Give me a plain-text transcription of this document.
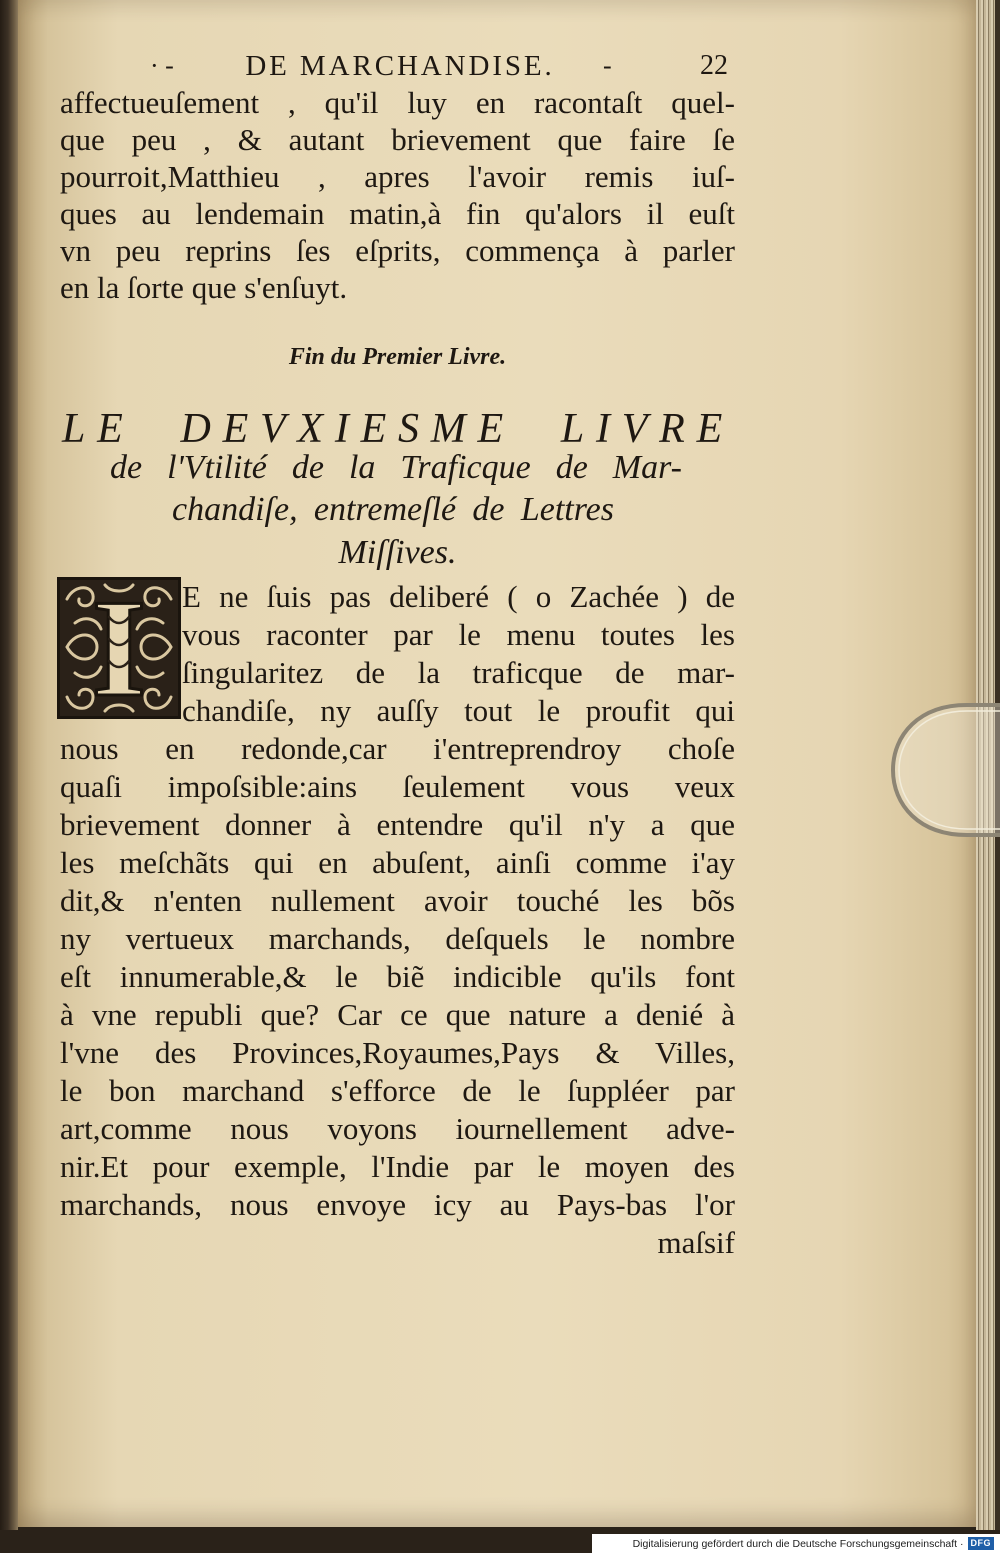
· -	DE MARCHANDISE.	-	22
affectueuſement , qu'il luy en racontaſt quel-
que peu , & autant brievement que faire ſe
pourroit,Matthieu , apres l'avoir remis iuſ-
ques au lendemain matin,à fin qu'alors il euſt
vn peu reprins ſes eſprits, commença à parler
en la ſorte que s'enſuyt.
Fin du Premier Livre.
LE DEVXIESME LIVRE
de l'Vtilité de la Traficque de Mar-
chandiſe, entremeſlé de Lettres
Miſſives.
I E ne ſuis pas deliberé ( o Zachée ) de
vous raconter par le menu toutes les
ſingularitez de la traficque de mar-
chandiſe, ny auſſy tout le proufit qui
nous en redonde,car i'entreprendroy choſe
quaſi impoſsible:ains ſeulement vous veux
brievement donner à entendre qu'il n'y a que
les meſchãts qui en abuſent, ainſi comme i'ay
dit,& n'enten nullement avoir touché les bõs
ny vertueux marchands, deſquels le nombre
eſt innumerable,& le biẽ indicible qu'ils font
à vne republi que? Car ce que nature a denié à
l'vne des Provinces,Royaumes,Pays & Villes,
le bon marchand s'efforce de le ſuppléer par
art,comme nous voyons iournellement adve-
nir.Et pour exemple, l'Indie par le moyen des
marchands, nous envoye icy au Pays-bas l'or
maſsif
Digitalisierung gefördert durch die Deutsche Forschungsgemeinschaft · DFG
